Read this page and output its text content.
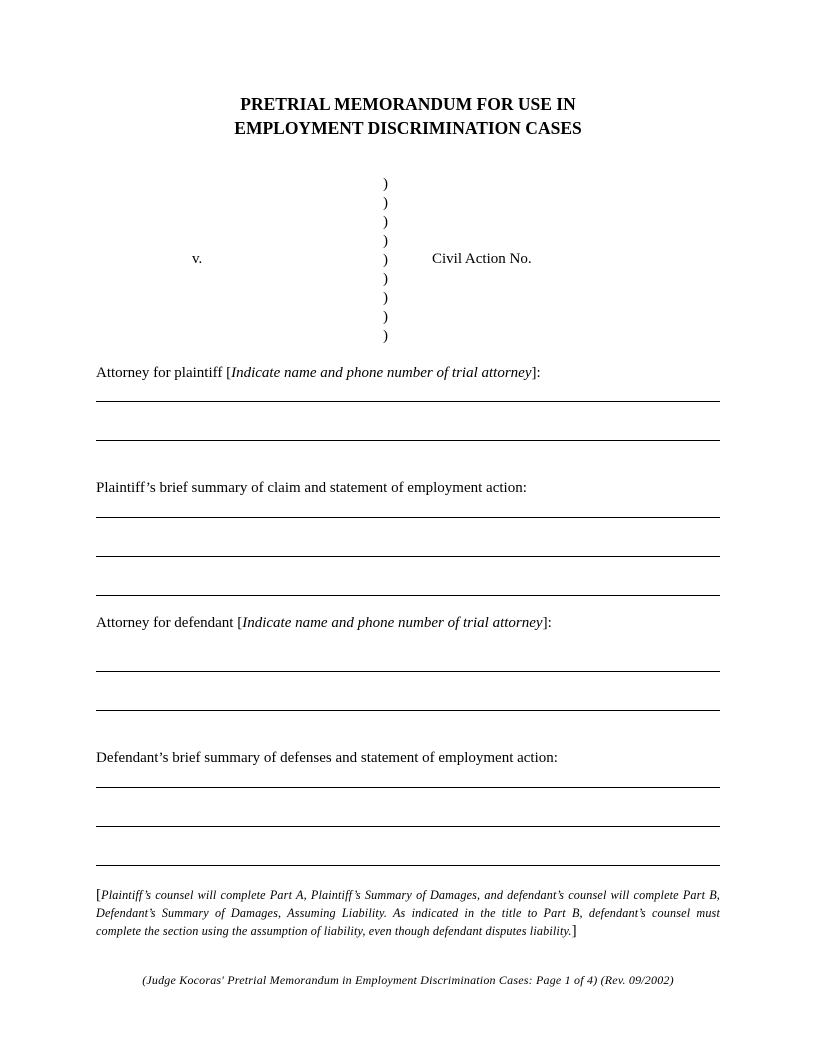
PRETRIAL MEMORANDUM FOR USE IN
EMPLOYMENT DISCRIMINATION CASES
)
)
)
)
)
)
)
)
)
v.	Civil Action No.
Attorney for plaintiff [Indicate name and phone number of trial attorney]:
Plaintiff’s brief summary of claim and statement of employment action:
Attorney for defendant [Indicate name and phone number of trial attorney]:
Defendant’s brief summary of defenses and statement of employment action:
[Plaintiff’s counsel will complete Part A, Plaintiff’s Summary of Damages, and defendant’s counsel will complete Part B, Defendant’s Summary of Damages, Assuming Liability. As indicated in the title to Part B, defendant’s counsel must complete the section using the assumption of liability, even though defendant disputes liability.]
(Judge Kocoras' Pretrial Memorandum in Employment Discrimination Cases: Page 1 of 4) (Rev. 09/2002)
